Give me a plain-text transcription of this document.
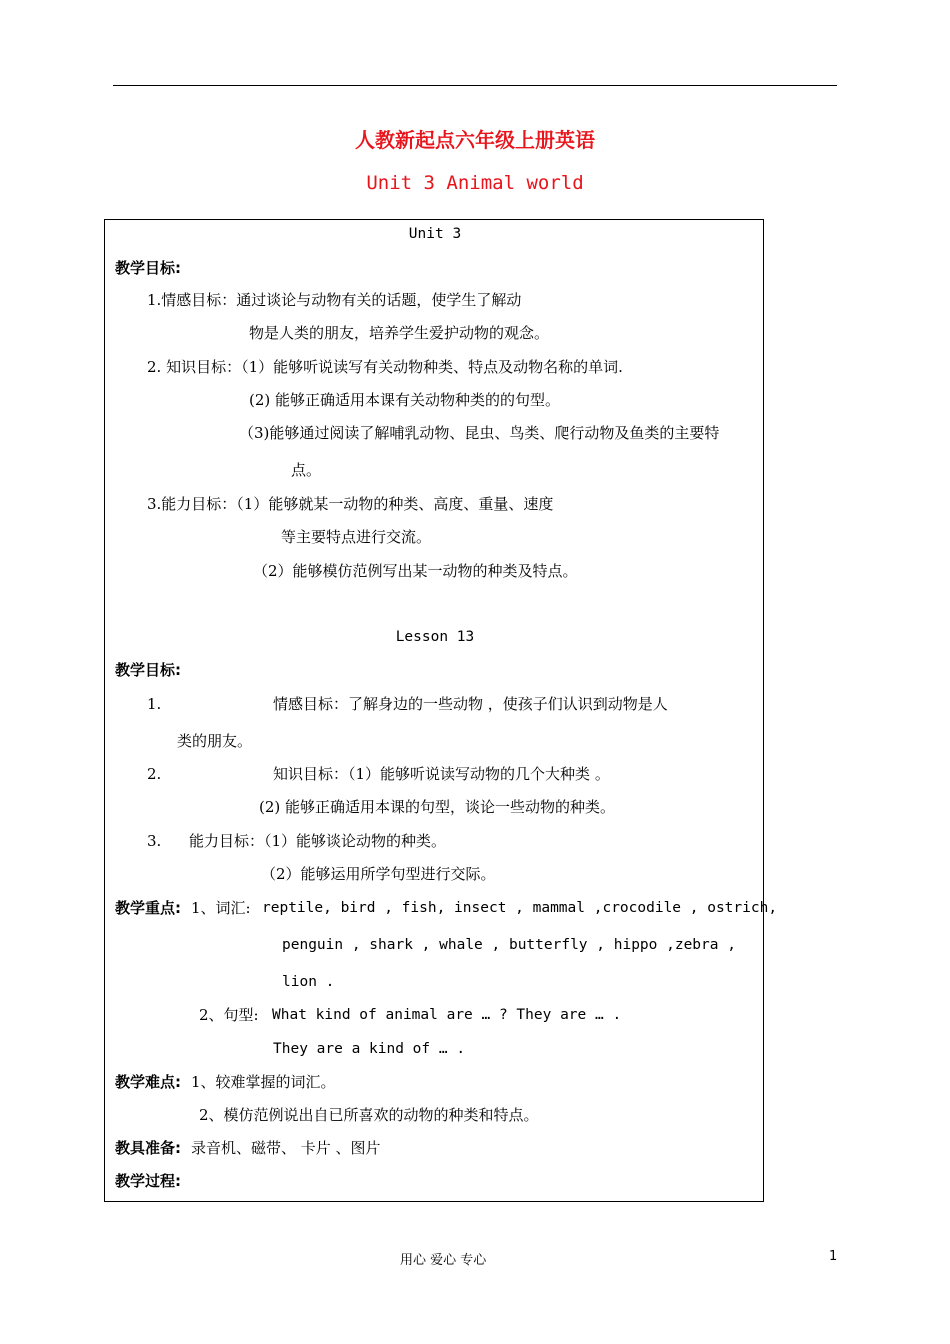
人教新起点六年级上册英语
Unit 3 Animal world
Unit 3
教学目标:
1.情感目标：通过谈论与动物有关的话题，使学生了解动
物是人类的朋友，培养学生爱护动物的观念。
2. 知识目标：（1）能够听说读写有关动物种类、特点及动物名称的单词.
(2) 能够正确适用本课有关动物种类的的句型。
（3)能够通过阅读了解哺乳动物、昆虫、鸟类、爬行动物及鱼类的主要特
点。
3.能力目标：（1）能够就某一动物的种类、高度、重量、速度
等主要特点进行交流。
（2）能够模仿范例写出某一动物的种类及特点。
Lesson 13
教学目标:
1.	情感目标：了解身边的一些动物 ，使孩子们认识到动物是人
类的朋友。
2.	知识目标：（1）能够听说读写动物的几个大种类 。
(2) 能够正确适用本课的句型，谈论一些动物的种类。
3. 能力目标：（1）能够谈论动物的种类。
（2）能够运用所学句型进行交际。
教学重点: 1、词汇: reptile, bird , fish, insect , mammal ,crocodile , ostrich,
penguin , shark , whale , butterfly , hippo ,zebra ,
lion .
2、句型: What kind of animal are … ? They are … .
They are a kind of … .
教学难点: 1、较难掌握的词汇。
2、模仿范例说出自已所喜欢的动物的种类和特点。
教具准备: 录音机、磁带、 卡片 、图片
教学过程:
用心 爱心 专心	1
